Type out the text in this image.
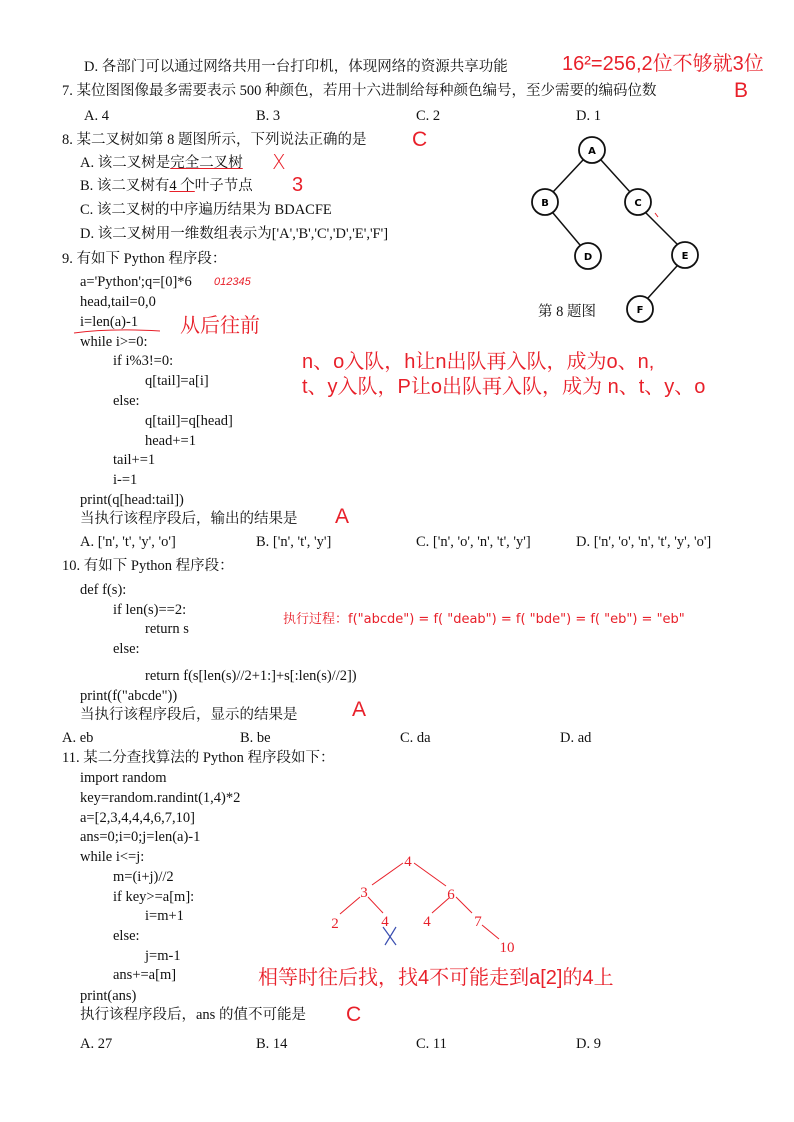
D. 各部门可以通过网络共用一台打印机，体现网络的资源共享功能	16²=256,2位不够就3位
7. 某位图图像最多需要表示 500 种颜色，若用十六进制给每种颜色编号，至少需要的编码位数	B
A. 4	B. 3	C. 2	D. 1
8. 某二叉树如第 8 题图所示，下列说法正确的是 C
A. 该二叉树是完全二叉树 X
B. 该二叉树有4 个叶子节点 3
C. 该二叉树的中序遍历结果为 BDACFE
D. 该二叉树用一维数组表示为['A','B','C','D','E','F']
A
B	C
D	E
F
第 8 题图
9. 有如下 Python 程序段：
a='Python';q=[0]*6 012345
head,tail=0,0
i=len(a)-1
while i>=0:
if i%3!=0:
q[tail]=a[i]
else:
q[tail]=q[head]
head+=1
tail+=1
i-=1
print(q[head:tail])
从后往前
n、o入队，h让n出队再入队，成为o、n,
t、y入队，P让o出队再入队，成为 n、t、y、o
当执行该程序段后，输出的结果是 A
A. ['n', 't', 'y', 'o']	B. ['n', 't', 'y']	C. ['n', 'o', 'n', 't', 'y']	D. ['n', 'o', 'n', 't', 'y', 'o']
10. 有如下 Python 程序段：
def f(s):
if len(s)==2:
return s
else:
return f(s[len(s)//2+1:]+s[:len(s)//2])
print(f("abcde"))
执行过程：f("abcde") = f( "deab") = f( "bde") = f( "eb") = "eb"
当执行该程序段后，显示的结果是	A
A. eb	B. be	C. da	D. ad
11. 某二分查找算法的 Python 程序段如下：
import random
key=random.randint(1,4)*2
a=[2,3,4,4,4,6,7,10]
ans=0;i=0;j=len(a)-1
while i<=j:
m=(i+j)//2
if key>=a[m]:
i=m+1
else:
j=m-1
ans+=a[m]
print(ans)
执行该程序段后，ans 的值不可能是 C
A. 27	B. 14	C. 11	D. 9
4
3	6
2	4 4	7
10
相等时往后找，找4不可能走到a[2]的4上
